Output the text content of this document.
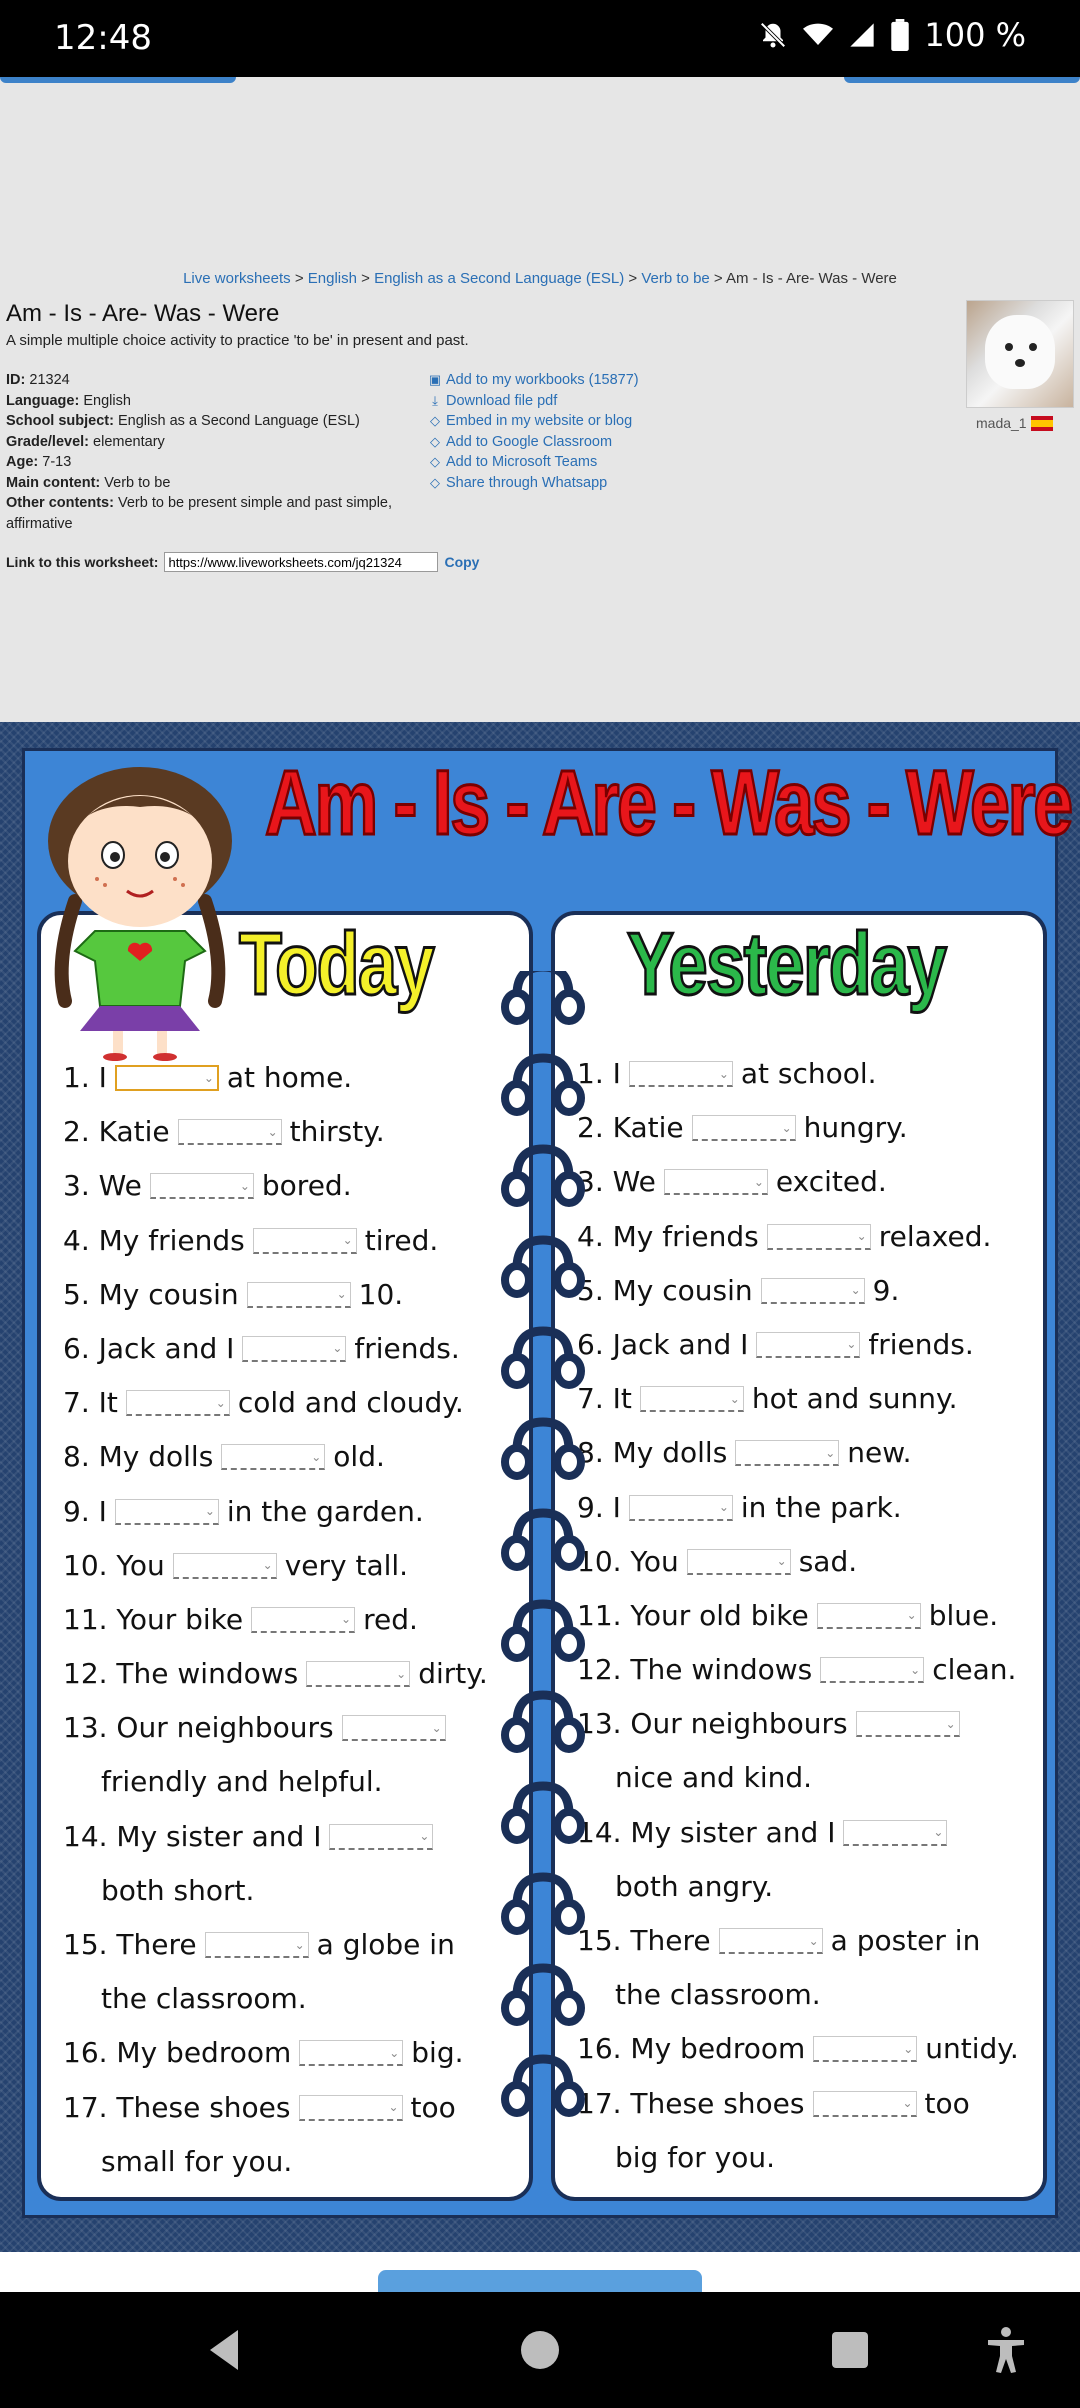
12:48	100 %
Live worksheets > English > English as a Second Language (ESL) > Verb to be > Am - Is - Are- Was - Were
Am - Is - Are- Was - Were
A simple multiple choice activity to practice 'to be' in present and past.
ID: 21324
Language: English
School subject: English as a Second Language (ESL)
Grade/level: elementary
Age: 7-13
Main content: Verb to be
Other contents: Verb to be present simple and past simple, affirmative
▣ Add to my workbooks (15877)
⤓ Download file pdf
◇ Embed in my website or blog
◇ Add to Google Classroom
◇ Add to Microsoft Teams
◇ Share through Whatsapp
mada_1
Link to this worksheet:
https://www.liveworksheets.com/jq21324	Copy
Today
1. I	⌄ at home.
2. Katie	⌄ thirsty.
3. We	⌄ bored.
4. My friends	⌄ tired.
5. My cousin	⌄ 10.
6. Jack and I	⌄ friends.
7. It	⌄ cold and cloudy.
8. My dolls	⌄ old.
9. I	⌄ in the garden.
10. You	⌄ very tall.
11. Your bike	⌄ red.
12. The windows	⌄ dirty.
13. Our neighbours	⌄
friendly and helpful.
14. My sister and I	⌄
both short.
15. There	⌄ a globe in
the classroom.
16. My bedroom	⌄ big.
17. These shoes	⌄ too
small for you.
Yesterday
1. I	⌄ at school.
2. Katie	⌄ hungry.
3. We	⌄ excited.
4. My friends	⌄ relaxed.
5. My cousin	⌄ 9.
6. Jack and I	⌄ friends.
7. It	⌄ hot and sunny.
8. My dolls	⌄ new.
9. I	⌄ in the park.
10. You	⌄ sad.
11. Your old bike	⌄ blue.
12. The windows	⌄ clean.
13. Our neighbours	⌄
nice and kind.
14. My sister and I	⌄
both angry.
15. There	⌄ a poster in
the classroom.
16. My bedroom	⌄ untidy.
17. These shoes	⌄ too
big for you.
Am - Is - Are - Was - Were
